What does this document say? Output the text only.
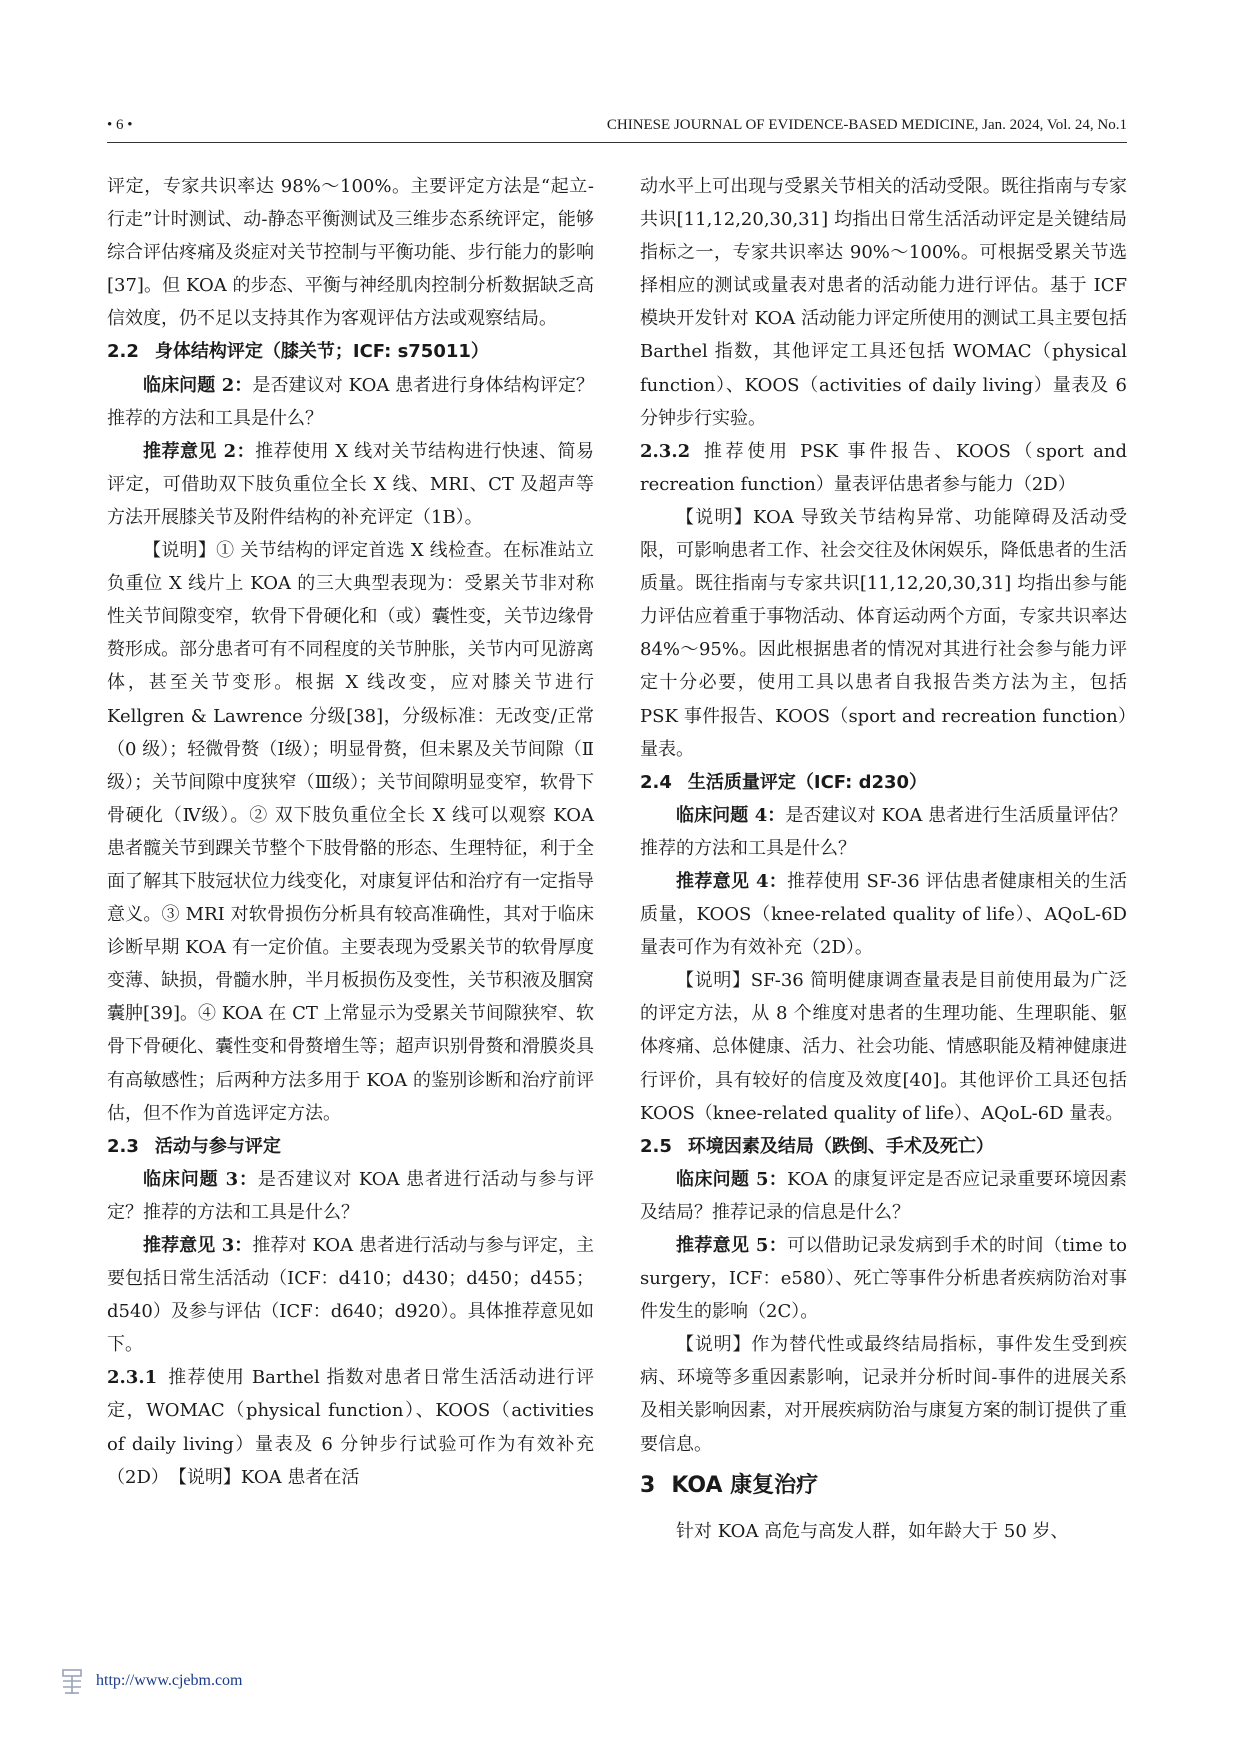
• 6 •	CHINESE JOURNAL OF EVIDENCE-BASED MEDICINE, Jan. 2024, Vol. 24, No.1

评定，专家共识率达 98%～100%。主要评定方法是“起立-行走”计时测试、动-静态平衡测试及三维步态系统评定，能够综合评估疼痛及炎症对关节控制与平衡功能、步行能力的影响[37]。但 KOA 的步态、平衡与神经肌肉控制分析数据缺乏高信效度，仍不足以支持其作为客观评估方法或观察结局。

2.2 身体结构评定（膝关节；ICF: s75011）

临床问题 2：是否建议对 KOA 患者进行身体结构评定？推荐的方法和工具是什么？

推荐意见 2：推荐使用 X 线对关节结构进行快速、简易评定，可借助双下肢负重位全长 X 线、MRI、CT 及超声等方法开展膝关节及附件结构的补充评定（1B）。

【说明】① 关节结构的评定首选 X 线检查。在标准站立负重位 X 线片上 KOA 的三大典型表现为：受累关节非对称性关节间隙变窄，软骨下骨硬化和（或）囊性变，关节边缘骨赘形成。部分患者可有不同程度的关节肿胀，关节内可见游离体，甚至关节变形。根据 X 线改变，应对膝关节进行 Kellgren & Lawrence 分级[38]，分级标准：无改变/正常（0 级）；轻微骨赘（Ⅰ级）；明显骨赘，但未累及关节间隙（Ⅱ级）；关节间隙中度狭窄（Ⅲ级）；关节间隙明显变窄，软骨下骨硬化（Ⅳ级）。② 双下肢负重位全长 X 线可以观察 KOA 患者髋关节到踝关节整个下肢骨骼的形态、生理特征，利于全面了解其下肢冠状位力线变化，对康复评估和治疗有一定指导意义。③ MRI 对软骨损伤分析具有较高准确性，其对于临床诊断早期 KOA 有一定价值。主要表现为受累关节的软骨厚度变薄、缺损，骨髓水肿，半月板损伤及变性，关节积液及腘窝囊肿[39]。④ KOA 在 CT 上常显示为受累关节间隙狭窄、软骨下骨硬化、囊性变和骨赘增生等；超声识别骨赘和滑膜炎具有高敏感性；后两种方法多用于 KOA 的鉴别诊断和治疗前评估，但不作为首选评定方法。

2.3 活动与参与评定

临床问题 3：是否建议对 KOA 患者进行活动与参与评定？推荐的方法和工具是什么？

推荐意见 3：推荐对 KOA 患者进行活动与参与评定，主要包括日常生活活动（ICF：d410；d430；d450；d455；d540）及参与评估（ICF：d640；d920）。具体推荐意见如下。

2.3.1 推荐使用 Barthel 指数对患者日常生活活动进行评定，WOMAC（physical function）、KOOS（activities of daily living）量表及 6 分钟步行试验可作为有效补充（2D）　【说明】KOA 患者在活

动水平上可出现与受累关节相关的活动受限。既往指南与专家共识[11,12,20,30,31] 均指出日常生活活动评定是关键结局指标之一，专家共识率达 90%～100%。可根据受累关节选择相应的测试或量表对患者的活动能力进行评估。基于 ICF 模块开发针对 KOA 活动能力评定所使用的测试工具主要包括 Barthel 指数，其他评定工具还包括 WOMAC（physical function）、KOOS（activities of daily living）量表及 6 分钟步行实验。

2.3.2 推荐使用 PSK 事件报告、KOOS（sport and recreation function）量表评估患者参与能力（2D）

【说明】KOA 导致关节结构异常、功能障碍及活动受限，可影响患者工作、社会交往及休闲娱乐，降低患者的生活质量。既往指南与专家共识[11,12,20,30,31] 均指出参与能力评估应着重于事物活动、体育运动两个方面，专家共识率达 84%～95%。因此根据患者的情况对其进行社会参与能力评定十分必要，使用工具以患者自我报告类方法为主，包括 PSK 事件报告、KOOS（sport and recreation function）量表。

2.4 生活质量评定（ICF: d230）

临床问题 4：是否建议对 KOA 患者进行生活质量评估？推荐的方法和工具是什么？

推荐意见 4：推荐使用 SF-36 评估患者健康相关的生活质量，KOOS（knee-related quality of life）、AQoL-6D 量表可作为有效补充（2D）。

【说明】SF-36 简明健康调查量表是目前使用最为广泛的评定方法，从 8 个维度对患者的生理功能、生理职能、躯体疼痛、总体健康、活力、社会功能、情感职能及精神健康进行评价，具有较好的信度及效度[40]。其他评价工具还包括 KOOS（knee-related quality of life）、AQoL-6D 量表。

2.5 环境因素及结局（跌倒、手术及死亡）

临床问题 5：KOA 的康复评定是否应记录重要环境因素及结局？推荐记录的信息是什么？

推荐意见 5：可以借助记录发病到手术的时间（time to surgery，ICF：e580）、死亡等事件分析患者疾病防治对事件发生的影响（2C）。

【说明】作为替代性或最终结局指标，事件发生受到疾病、环境等多重因素影响，记录并分析时间-事件的进展关系及相关影响因素，对开展疾病防治与康复方案的制订提供了重要信息。

3 KOA 康复治疗

针对 KOA 高危与高发人群，如年龄大于 50 岁、

http://www.cjebm.com
